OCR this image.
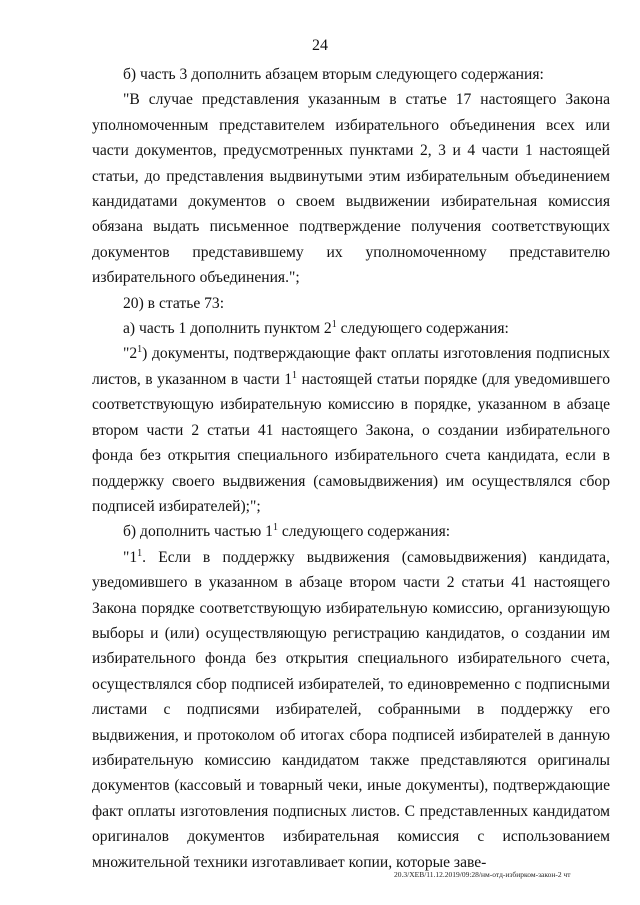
24

б) часть 3 дополнить абзацем вторым следующего содержания:

"В случае представления указанным в статье 17 настоящего Закона уполномоченным представителем избирательного объединения всех или части документов, предусмотренных пунктами 2, 3 и 4 части 1 настоящей статьи, до представления выдвинутыми этим избирательным объединением кандидатами документов о своем выдвижении избирательная комиссия обязана выдать письменное подтверждение получения соответствующих документов представившему их уполномоченному представителю избирательного объединения.";

20) в статье 73:

а) часть 1 дополнить пунктом $2^1$ следующего содержания:

"$2^1$) документы, подтверждающие факт оплаты изготовления подписных листов, в указанном в части $1^1$ настоящей статьи порядке (для уведомившего соответствующую избирательную комиссию в порядке, указанном в абзаце втором части 2 статьи 41 настоящего Закона, о создании избирательного фонда без открытия специального избирательного счета кандидата, если в поддержку своего выдвижения (самовыдвижения) им осуществлялся сбор подписей избирателей);";

б) дополнить частью $1^1$ следующего содержания:

"$1^1$. Если в поддержку выдвижения (самовыдвижения) кандидата, уведомившего в указанном в абзаце втором части 2 статьи 41 настоящего Закона порядке соответствующую избирательную комиссию, организующую выборы и (или) осуществляющую регистрацию кандидатов, о создании им избирательного фонда без открытия специального избирательного счета, осуществлялся сбор подписей избирателей, то единовременно с подписными листами с подписями избирателей, собранными в поддержку его выдвижения, и протоколом об итогах сбора подписей избирателей в данную избирательную комиссию кандидатом также представляются оригиналы документов (кассовый и товарный чеки, иные документы), подтверждающие факт оплаты изготовления подписных листов. С представленных кандидатом оригиналов документов избирательная комиссия с использованием множительной техники изготавливает копии, которые заве-

20.3/XEB/11.12.2019/09:28/нм-отд-избирком-закон-2 чт
